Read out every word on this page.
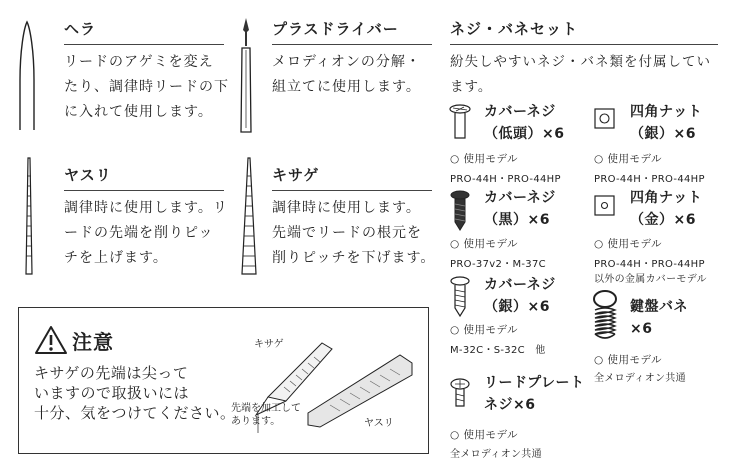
ヘラ
リードのアゲミを変え
たり、調律時リードの下
に入れて使用します。
ヤスリ
調律時に使用します。リ
ードの先端を削りピッ
チを上げます。
プラスドライバー
メロディオンの分解・
組立てに使用します。
キサゲ
調律時に使用します。
先端でリードの根元を
削りピッチを下げます。
ネジ・バネセット
紛失しやすいネジ・バネ類を付属してい
ます。
カバーネジ
（低頭）×6
○ 使用モデル
PRO-44H・PRO-44HP
カバーネジ
（黒）×6
○ 使用モデル
PRO-37v2・M-37C
カバーネジ
（銀）×6
○ 使用モデル
M-32C・S-32C　他
リードプレート
ネジ×6
○ 使用モデル
全メロディオン共通
四角ナット
（銀）×6
○ 使用モデル
PRO-44H・PRO-44HP
四角ナット
（金）×6
○ 使用モデル
PRO-44H・PRO-44HP
以外の金属カバーモデル
鍵盤バネ
×6
○ 使用モデル
全メロディオン共通
注意
キサゲの先端は尖って
いますので取扱いには
十分、気をつけてください。
キサゲ
ヤスリ
先端を加工して
あります。
